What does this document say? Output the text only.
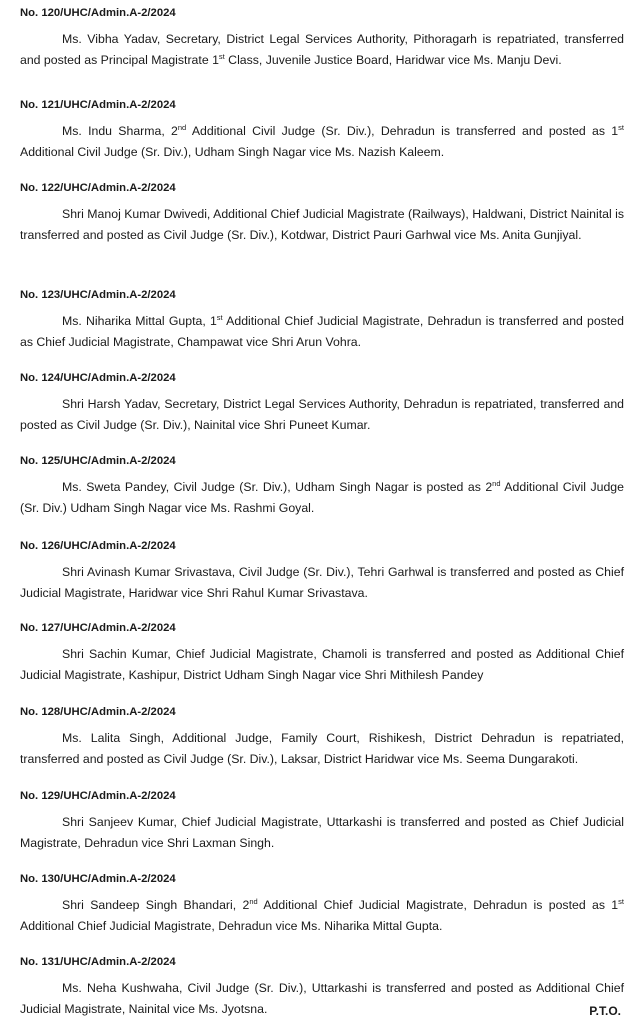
No. 120/UHC/Admin.A-2/2024
Ms. Vibha Yadav, Secretary, District Legal Services Authority, Pithoragarh is repatriated, transferred and posted as Principal Magistrate 1st Class, Juvenile Justice Board, Haridwar vice Ms. Manju Devi.
No. 121/UHC/Admin.A-2/2024
Ms. Indu Sharma, 2nd Additional Civil Judge (Sr. Div.), Dehradun is transferred and posted as 1st Additional Civil Judge (Sr. Div.), Udham Singh Nagar vice Ms. Nazish Kaleem.
No. 122/UHC/Admin.A-2/2024
Shri Manoj Kumar Dwivedi, Additional Chief Judicial Magistrate (Railways), Haldwani, District Nainital is transferred and posted as Civil Judge (Sr. Div.), Kotdwar, District Pauri Garhwal vice Ms. Anita Gunjiyal.
No. 123/UHC/Admin.A-2/2024
Ms. Niharika Mittal Gupta, 1st Additional Chief Judicial Magistrate, Dehradun is transferred and posted as Chief Judicial Magistrate, Champawat vice Shri Arun Vohra.
No. 124/UHC/Admin.A-2/2024
Shri Harsh Yadav, Secretary, District Legal Services Authority, Dehradun is repatriated, transferred and posted as Civil Judge (Sr. Div.), Nainital vice Shri Puneet Kumar.
No. 125/UHC/Admin.A-2/2024
Ms. Sweta Pandey, Civil Judge (Sr. Div.), Udham Singh Nagar is posted as 2nd Additional Civil Judge (Sr. Div.) Udham Singh Nagar vice Ms. Rashmi Goyal.
No. 126/UHC/Admin.A-2/2024
Shri Avinash Kumar Srivastava, Civil Judge (Sr. Div.), Tehri Garhwal is transferred and posted as Chief Judicial Magistrate, Haridwar vice Shri Rahul Kumar Srivastava.
No. 127/UHC/Admin.A-2/2024
Shri Sachin Kumar, Chief Judicial Magistrate, Chamoli is transferred and posted as Additional Chief Judicial Magistrate, Kashipur, District Udham Singh Nagar vice Shri Mithilesh Pandey
No. 128/UHC/Admin.A-2/2024
Ms. Lalita Singh, Additional Judge, Family Court, Rishikesh, District Dehradun is repatriated, transferred and posted as Civil Judge (Sr. Div.), Laksar, District Haridwar vice Ms. Seema Dungarakoti.
No. 129/UHC/Admin.A-2/2024
Shri Sanjeev Kumar, Chief Judicial Magistrate, Uttarkashi is transferred and posted as Chief Judicial Magistrate, Dehradun vice Shri Laxman Singh.
No. 130/UHC/Admin.A-2/2024
Shri Sandeep Singh Bhandari, 2nd Additional Chief Judicial Magistrate, Dehradun is posted as 1st Additional Chief Judicial Magistrate, Dehradun vice Ms. Niharika Mittal Gupta.
No. 131/UHC/Admin.A-2/2024
Ms. Neha Kushwaha, Civil Judge (Sr. Div.), Uttarkashi is transferred and posted as Additional Chief Judicial Magistrate, Nainital vice Ms. Jyotsna.	P.T.O.
